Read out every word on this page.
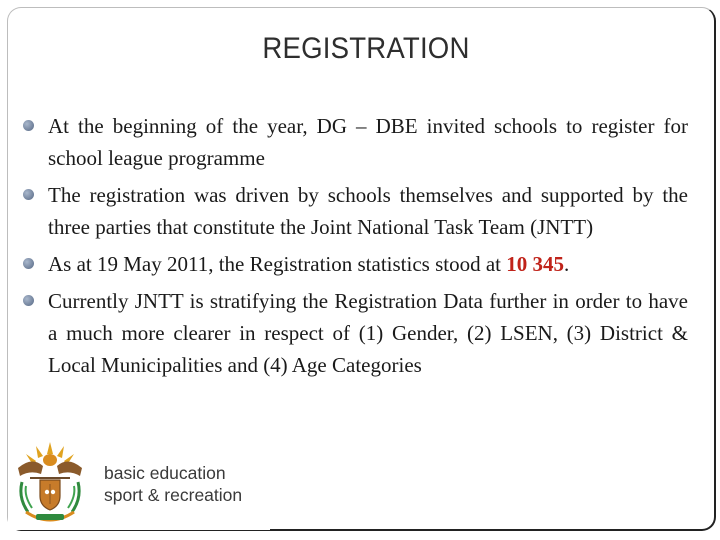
REGISTRATION
At the beginning of the year, DG – DBE invited schools to register for school league programme
The registration was driven by schools themselves and supported by the three parties that constitute the Joint National Task Team (JNTT)
As at 19 May 2011, the Registration statistics stood at 10 345.
Currently JNTT is stratifying the Registration Data further in order to have a much more clearer in respect of (1) Gender, (2) LSEN, (3) District & Local Municipalities and (4) Age Categories
basic education
sport & recreation
